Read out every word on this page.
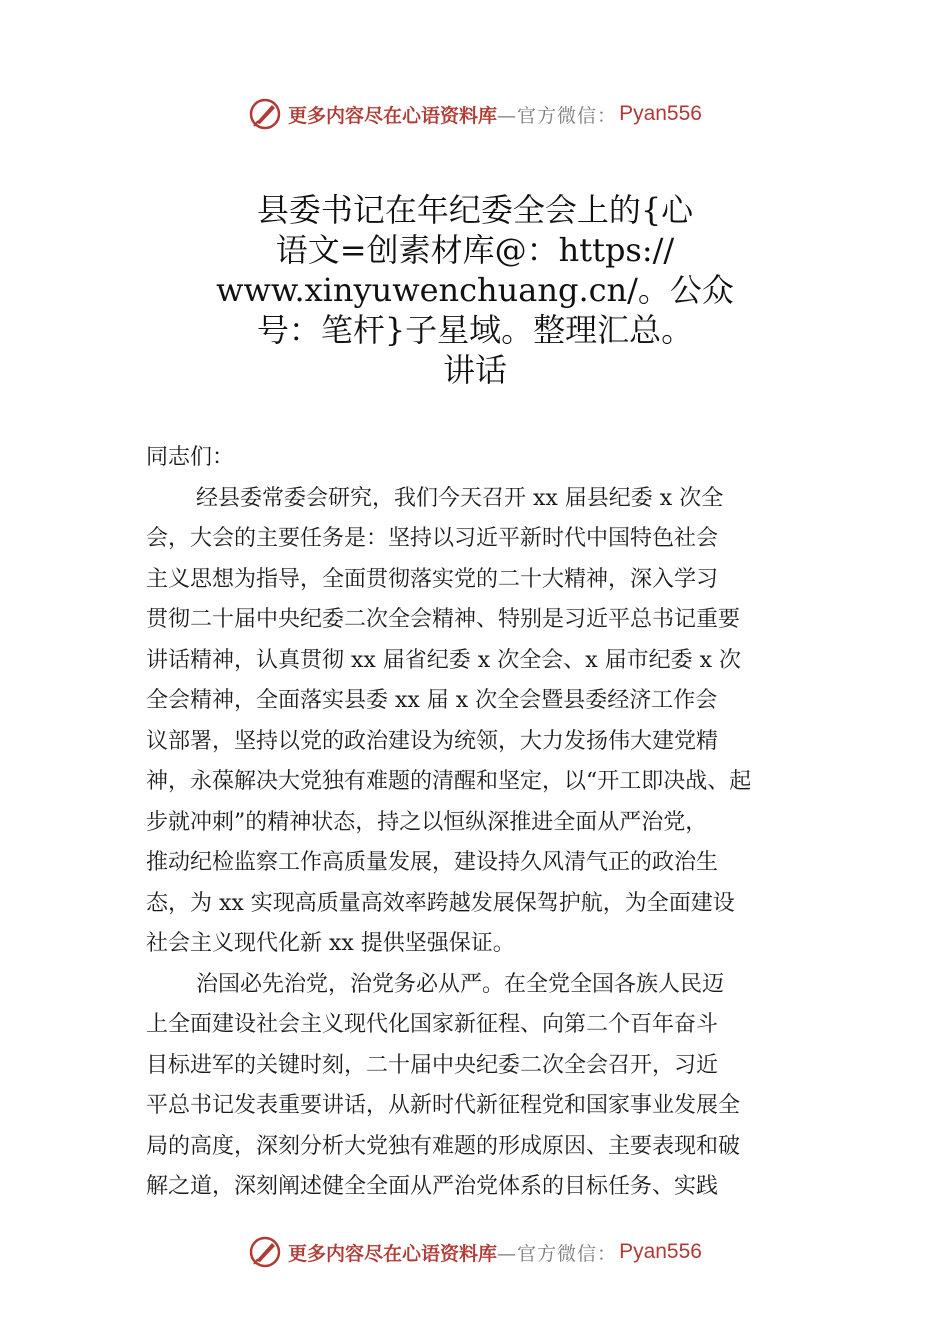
更多内容尽在心语资料库 —官方微信： Pyan556
县委书记在年纪委全会上的{心
语文=创素材库@：https://
www.xinyuwenchuang.cn/。公众
号：笔杆}子星域。整理汇总。
讲话
同志们：
经县委常委会研究，我们今天召开 xx 届县纪委 x 次全
会，大会的主要任务是：坚持以习近平新时代中国特色社会
主义思想为指导，全面贯彻落实党的二十大精神，深入学习
贯彻二十届中央纪委二次全会精神、特别是习近平总书记重要
讲话精神，认真贯彻 xx 届省纪委 x 次全会、x 届市纪委 x 次
全会精神，全面落实县委 xx 届 x 次全会暨县委经济工作会
议部署，坚持以党的政治建设为统领，大力发扬伟大建党精
神，永葆解决大党独有难题的清醒和坚定，以“开工即决战、起
步就冲刺”的精神状态，持之以恒纵深推进全面从严治党，
推动纪检监察工作高质量发展，建设持久风清气正的政治生
态，为 xx 实现高质量高效率跨越发展保驾护航，为全面建设
社会主义现代化新 xx 提供坚强保证。
治国必先治党，治党务必从严。在全党全国各族人民迈
上全面建设社会主义现代化国家新征程、向第二个百年奋斗
目标进军的关键时刻，二十届中央纪委二次全会召开，习近
平总书记发表重要讲话，从新时代新征程党和国家事业发展全
局的高度，深刻分析大党独有难题的形成原因、主要表现和破
解之道，深刻阐述健全全面从严治党体系的目标任务、实践
更多内容尽在心语资料库 —官方微信： Pyan556
